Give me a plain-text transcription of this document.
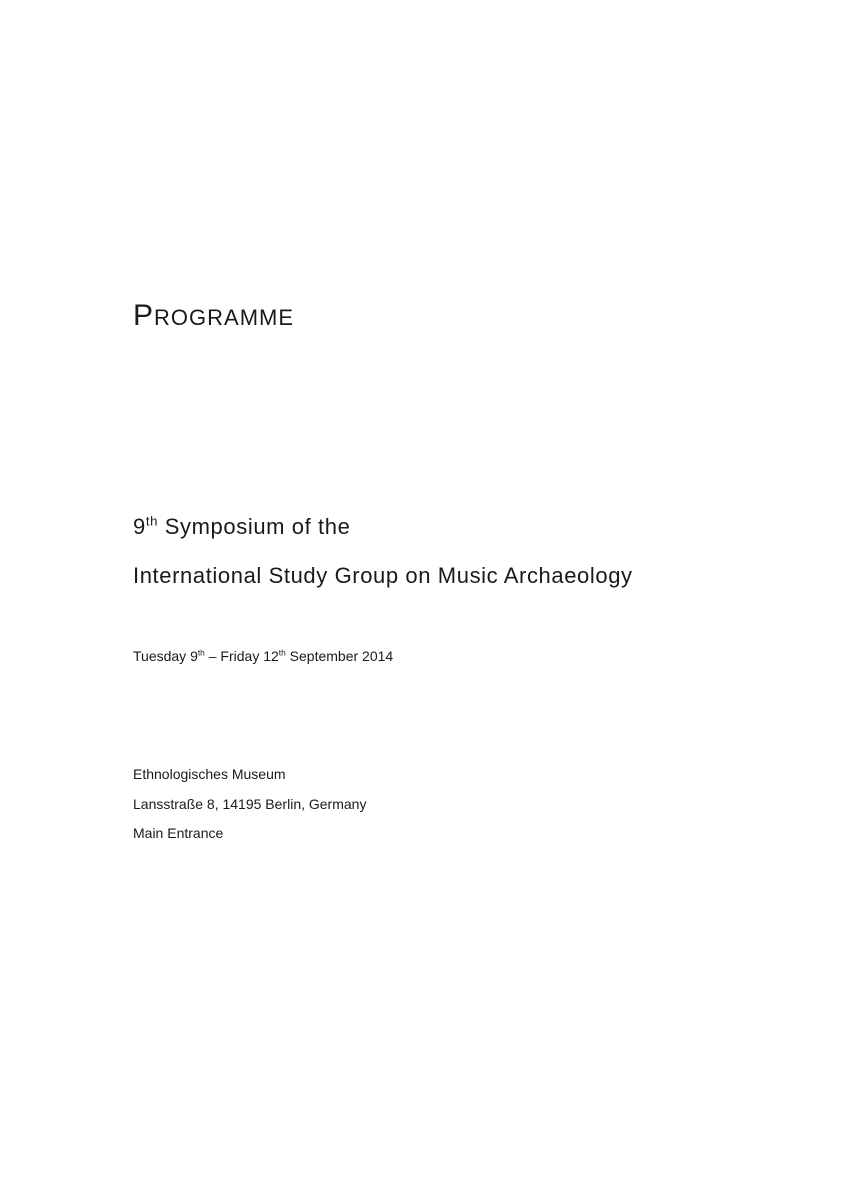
PROGRAMME

9th Symposium of the

International Study Group on Music Archaeology

Tuesday 9th – Friday 12th September 2014

Ethnologisches Museum

Lansstraße 8, 14195 Berlin, Germany

Main Entrance
